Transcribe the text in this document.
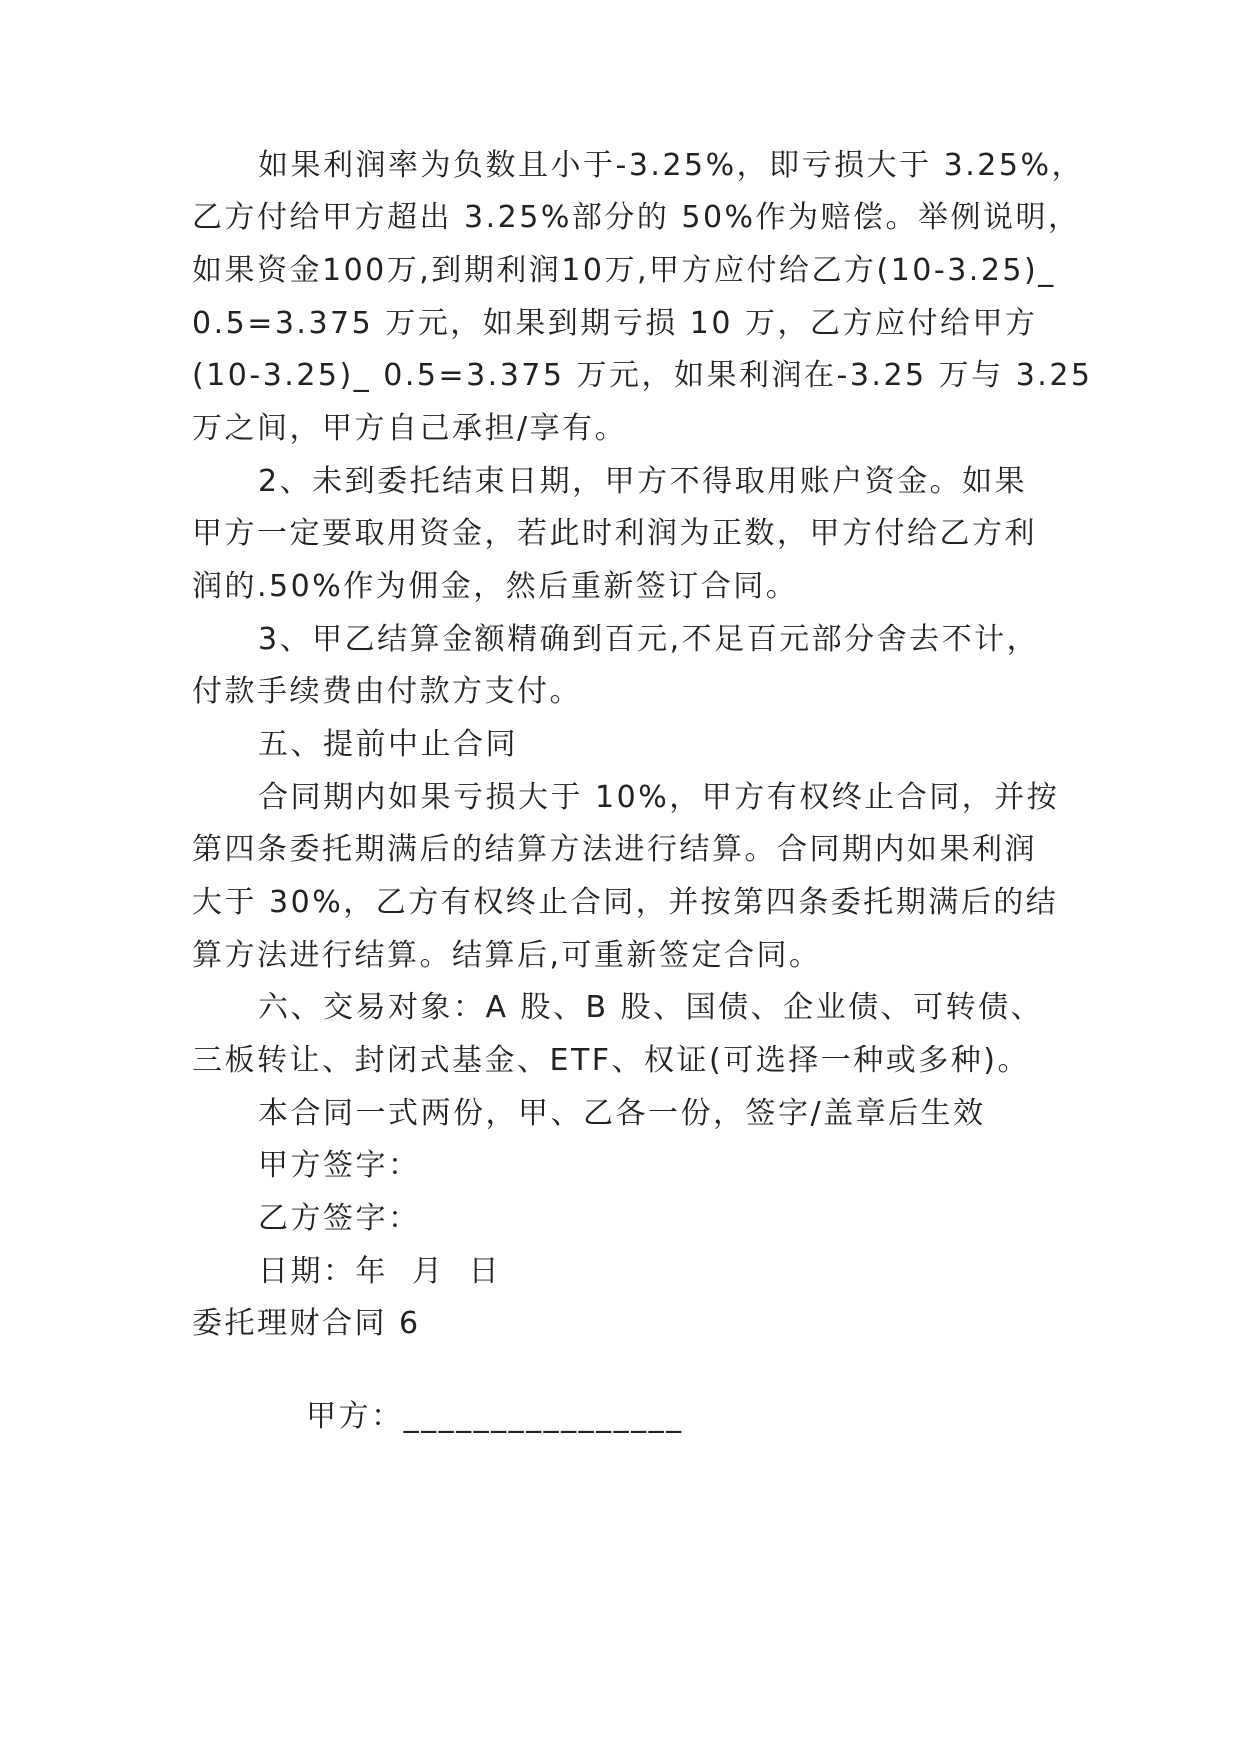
如果利润率为负数且小于-3.25%，即亏损大于 3.25%，
乙方付给甲方超出 3.25%部分的 50%作为赔偿。举例说明，
如果资金100万,到期利润10万,甲方应付给乙方(10-3.25)_
0.5=3.375 万元，如果到期亏损 10 万，乙方应付给甲方
(10-3.25)_ 0.5=3.375 万元，如果利润在-3.25 万与 3.25
万之间，甲方自己承担/享有。
2、未到委托结束日期，甲方不得取用账户资金。如果
甲方一定要取用资金，若此时利润为正数，甲方付给乙方利
润的.50%作为佣金，然后重新签订合同。
3、甲乙结算金额精确到百元,不足百元部分舍去不计，
付款手续费由付款方支付。
五、提前中止合同
合同期内如果亏损大于 10%，甲方有权终止合同，并按
第四条委托期满后的结算方法进行结算。合同期内如果利润
大于 30%，乙方有权终止合同，并按第四条委托期满后的结
算方法进行结算。结算后,可重新签定合同。
六、交易对象：A 股、B 股、国债、企业债、可转债、
三板转让、封闭式基金、ETF、权证(可选择一种或多种)。
本合同一式两份，甲、乙各一份，签字/盖章后生效
甲方签字：
乙方签字：
日期：年  月  日
委托理财合同 6

甲方：________________
